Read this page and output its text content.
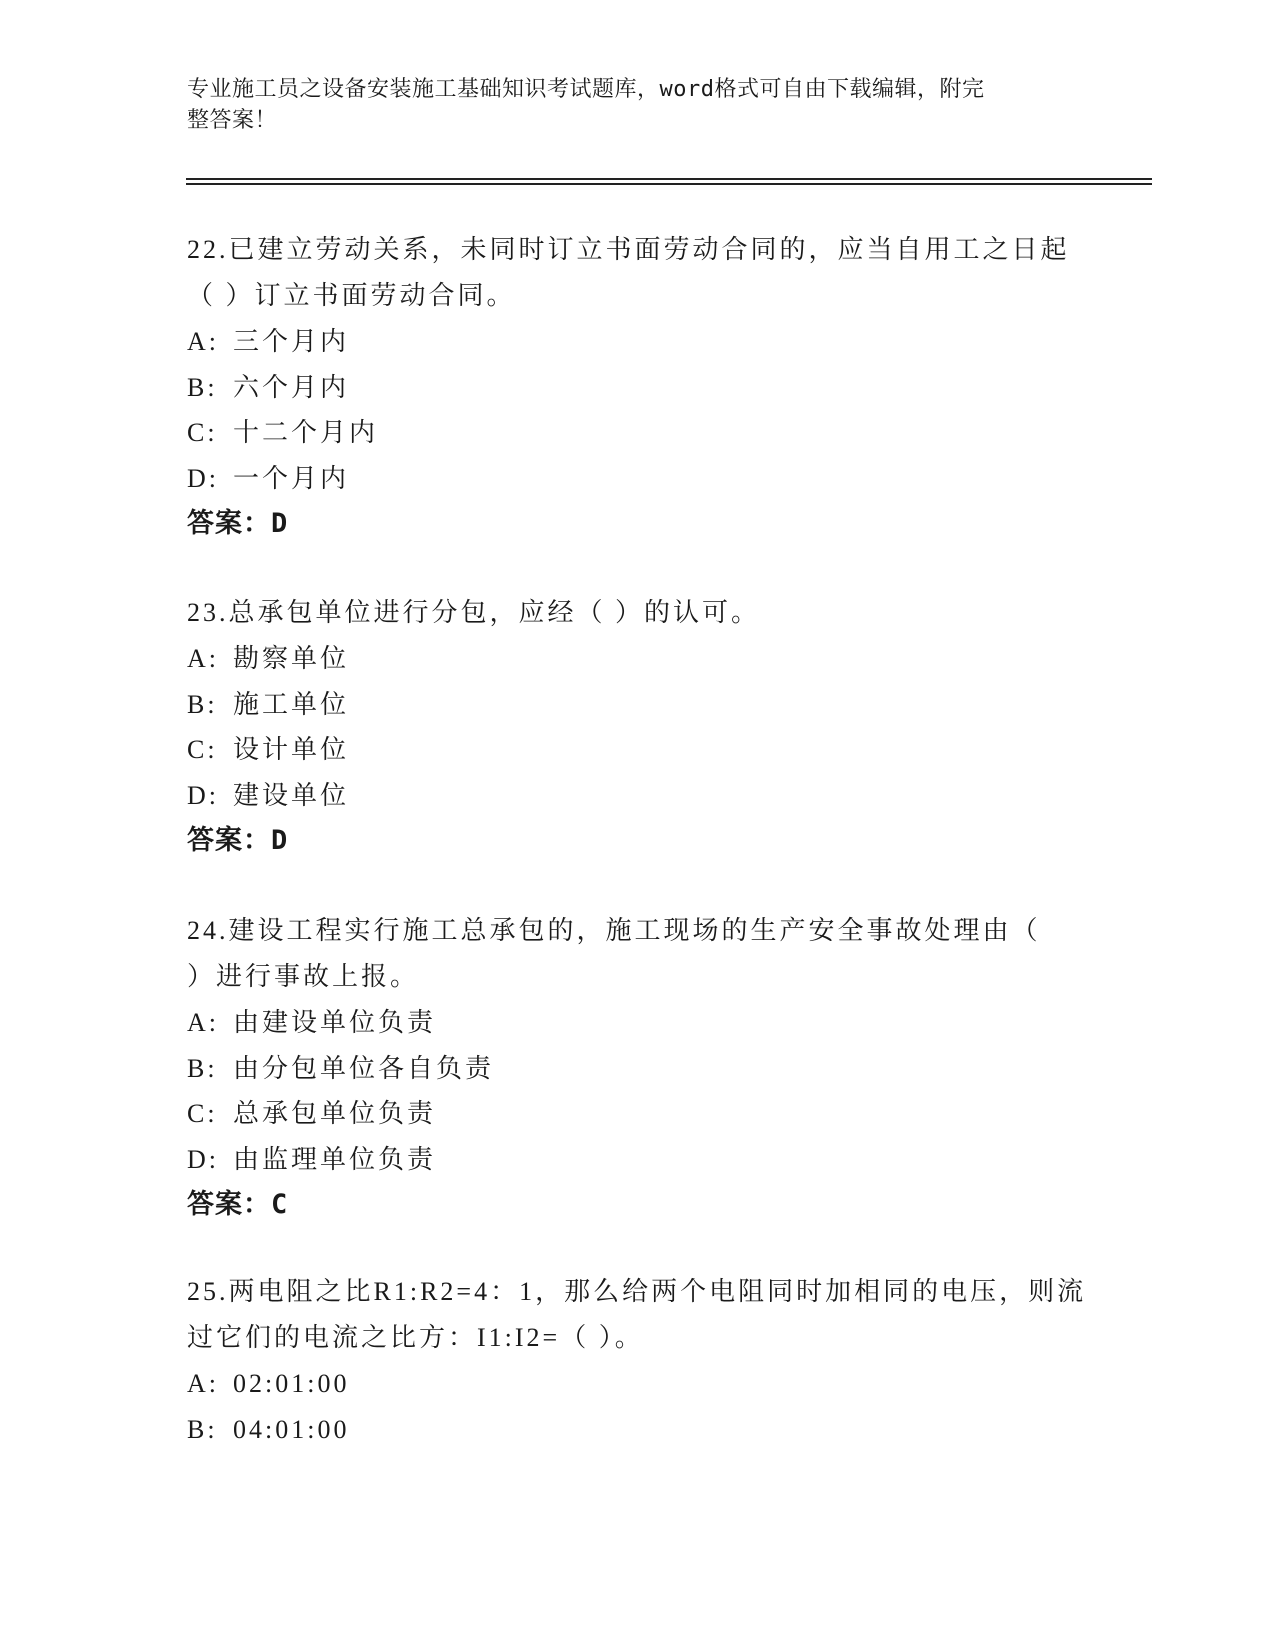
专业施工员之设备安装施工基础知识考试题库，word格式可自由下载编辑，附完
整答案！
22.已建立劳动关系，未同时订立书面劳动合同的，应当自用工之日起
（ ）订立书面劳动合同。
A: 三个月内
B: 六个月内
C: 十二个月内
D: 一个月内
答案：D
23.总承包单位进行分包，应经（ ）的认可。
A: 勘察单位
B: 施工单位
C: 设计单位
D: 建设单位
答案：D
24.建设工程实行施工总承包的，施工现场的生产安全事故处理由（
）进行事故上报。
A: 由建设单位负责
B: 由分包单位各自负责
C: 总承包单位负责
D: 由监理单位负责
答案：C
25.两电阻之比R1:R2=4：1，那么给两个电阻同时加相同的电压，则流
过它们的电流之比方：I1:I2=（ ）。
A: 02:01:00
B: 04:01:00
